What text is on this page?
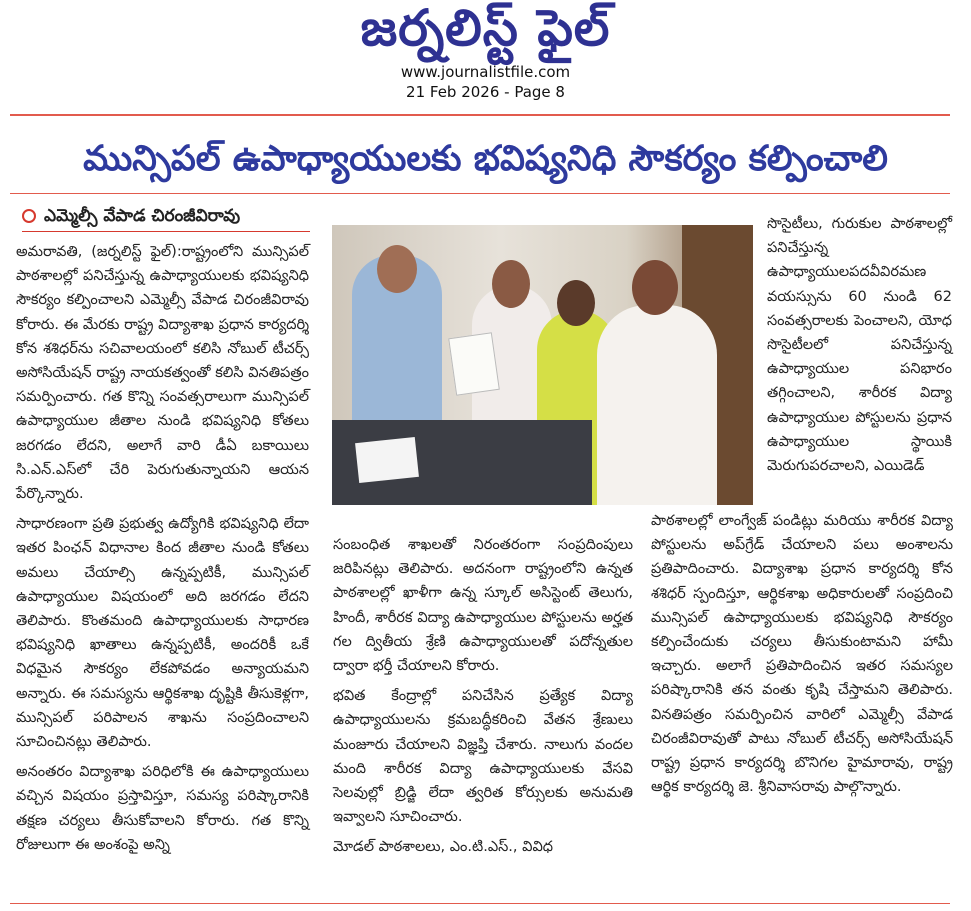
జర్నలిస్ట్ ఫైల్
www.journalistfile.com
21 Feb 2026 - Page 8
మున్సిపల్ ఉపాధ్యాయులకు భవిష్యనిధి సౌకర్యం కల్పించాలి
ఎమ్మెల్సీ వేపాడ చిరంజీవిరావు

అమరావతి, (జర్నలిస్ట్ ఫైల్):రాష్ట్రంలోని మున్సిపల్ పాఠశాలల్లో పనిచేస్తున్న ఉపాధ్యాయులకు భవిష్యనిధి సౌకర్యం కల్పించాలని ఎమ్మెల్సీ వేపాడ చిరంజీవిరావు కోరారు. ఈ మేరకు రాష్ట్ర విద్యాశాఖ ప్రధాన కార్యదర్శి కోన శశిధర్‌ను సచివాలయంలో కలిసి నోబుల్ టీచర్స్ అసోసియేషన్ రాష్ట్ర నాయకత్వంతో కలిసి వినతిపత్రం సమర్పించారు. గత కొన్ని సంవత్సరాలుగా మున్సిపల్ ఉపాధ్యాయుల జీతాల నుండి భవిష్యనిధి కోతలు జరగడం లేదని, అలాగే వారి డీఏ బకాయిలు సి.ఎన్.ఎస్‌లో చేరి పెరుగుతున్నాయని ఆయన పేర్కొన్నారు.

సాధారణంగా ప్రతి ప్రభుత్వ ఉద్యోగికి భవిష్యనిధి లేదా ఇతర పింఛన్ విధానాల కింద జీతాల నుండి కోతలు అమలు చేయాల్సి ఉన్నప్పటికీ, మున్సిపల్ ఉపాధ్యాయుల విషయంలో అది జరగడం లేదని తెలిపారు. కొంతమంది ఉపాధ్యాయులకు సాధారణ భవిష్యనిధి ఖాతాలు ఉన్నప్పటికీ, అందరికీ ఒకే విధమైన సౌకర్యం లేకపోవడం అన్యాయమని అన్నారు. ఈ సమస్యను ఆర్థికశాఖ దృష్టికి తీసుకెళ్లగా, మున్సిపల్ పరిపాలన శాఖను సంప్రదించాలని సూచించినట్లు తెలిపారు.

అనంతరం విద్యాశాఖ పరిధిలోకి ఈ ఉపాధ్యాయులు వచ్చిన విషయం ప్రస్తావిస్తూ, సమస్య పరిష్కారానికి తక్షణ చర్యలు తీసుకోవాలని కోరారు. గత కొన్ని రోజులుగా ఈ అంశంపై అన్ని

సొసైటీలు, గురుకుల పాఠశాలల్లో పనిచేస్తున్న ఉపాధ్యాయులపదవీవిరమణ వయస్సును 60 నుండి 62 సంవత్సరాలకు పెంచాలని, యోధ సొసైటీలలో పనిచేస్తున్న ఉపాధ్యాయుల పనిభారం తగ్గించాలని, శారీరక విద్యా ఉపాధ్యాయుల పోస్టులను ప్రధాన ఉపాధ్యాయుల స్థాయికి మెరుగుపరచాలని, ఎయిడెడ్

సంబంధిత శాఖలతో నిరంతరంగా సంప్రదింపులు జరిపినట్లు తెలిపారు. అదనంగా రాష్ట్రంలోని ఉన్నత పాఠశాలల్లో ఖాళీగా ఉన్న స్కూల్ అసిస్టెంట్ తెలుగు, హిందీ, శారీరక విద్యా ఉపాధ్యాయుల పోస్టులను అర్హత గల ద్వితీయ శ్రేణి ఉపాధ్యాయులతో పదోన్నతుల ద్వారా భర్తీ చేయాలని కోరారు.

భవిత కేంద్రాల్లో పనిచేసిన ప్రత్యేక విద్యా ఉపాధ్యాయులను క్రమబద్ధీకరించి వేతన శ్రేణులు మంజూరు చేయాలని విజ్ఞప్తి చేశారు. నాలుగు వందల మంది శారీరక విద్యా ఉపాధ్యాయులకు వేసవి సెలవుల్లో బ్రిడ్జి లేదా త్వరిత కోర్సులకు అనుమతి ఇవ్వాలని సూచించారు.

మోడల్ పాఠశాలలు, ఎం.టి.ఎస్., వివిధ

పాఠశాలల్లో లాంగ్వేజ్ పండిట్లు మరియు శారీరక విద్యా పోస్టులను అప్‌గ్రేడ్ చేయాలని పలు అంశాలను ప్రతిపాదించారు. విద్యాశాఖ ప్రధాన కార్యదర్శి కోన శశిధర్ స్పందిస్తూ, ఆర్థికశాఖ అధికారులతో సంప్రదించి మున్సిపల్ ఉపాధ్యాయులకు భవిష్యనిధి సౌకర్యం కల్పించేందుకు చర్యలు తీసుకుంటామని హామీ ఇచ్చారు. అలాగే ప్రతిపాదించిన ఇతర సమస్యల పరిష్కారానికి తన వంతు కృషి చేస్తామని తెలిపారు. వినతిపత్రం సమర్పించిన వారిలో ఎమ్మెల్సీ వేపాడ చిరంజీవిరావుతో పాటు నోబుల్ టీచర్స్ అసోసియేషన్ రాష్ట్ర ప్రధాన కార్యదర్శి బొనిగల హైమారావు, రాష్ట్ర ఆర్థిక కార్యదర్శి జె. శ్రీనివాసరావు పాల్గొన్నారు.
